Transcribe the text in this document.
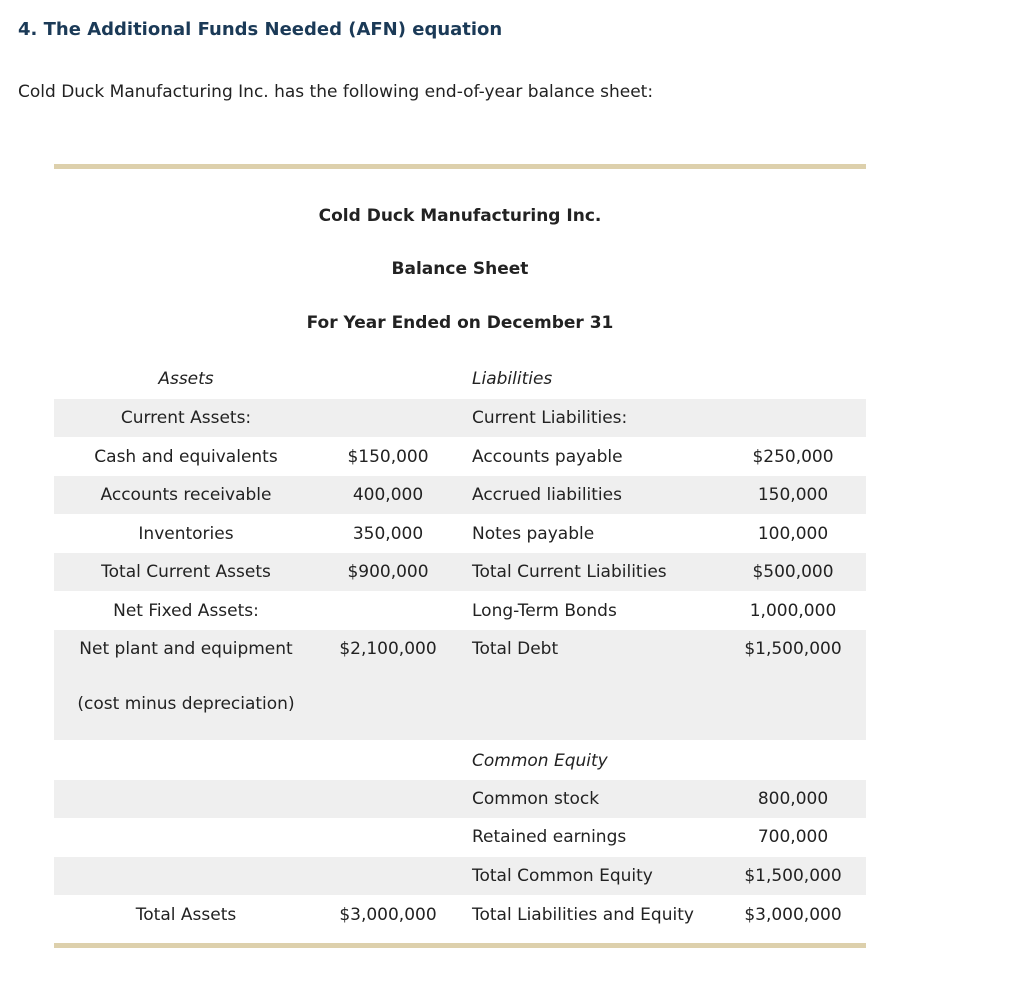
4. The Additional Funds Needed (AFN) equation
Cold Duck Manufacturing Inc. has the following end-of-year balance sheet:
Cold Duck Manufacturing Inc.
Balance Sheet
For Year Ended on December 31
Assets	Liabilities
Current Assets:	Current Liabilities:
Cash and equivalents	$150,000	Accounts payable	$250,000
Accounts receivable	400,000	Accrued liabilities	150,000
Inventories	350,000	Notes payable	100,000
Total Current Assets	$900,000	Total Current Liabilities	$500,000
Net Fixed Assets:	Long-Term Bonds	1,000,000
Net plant and equipment	$2,100,000	Total Debt	$1,500,000
(cost minus depreciation)
Common Equity
Common stock	800,000
Retained earnings	700,000
Total Common Equity	$1,500,000
Total Assets	$3,000,000	Total Liabilities and Equity	$3,000,000
